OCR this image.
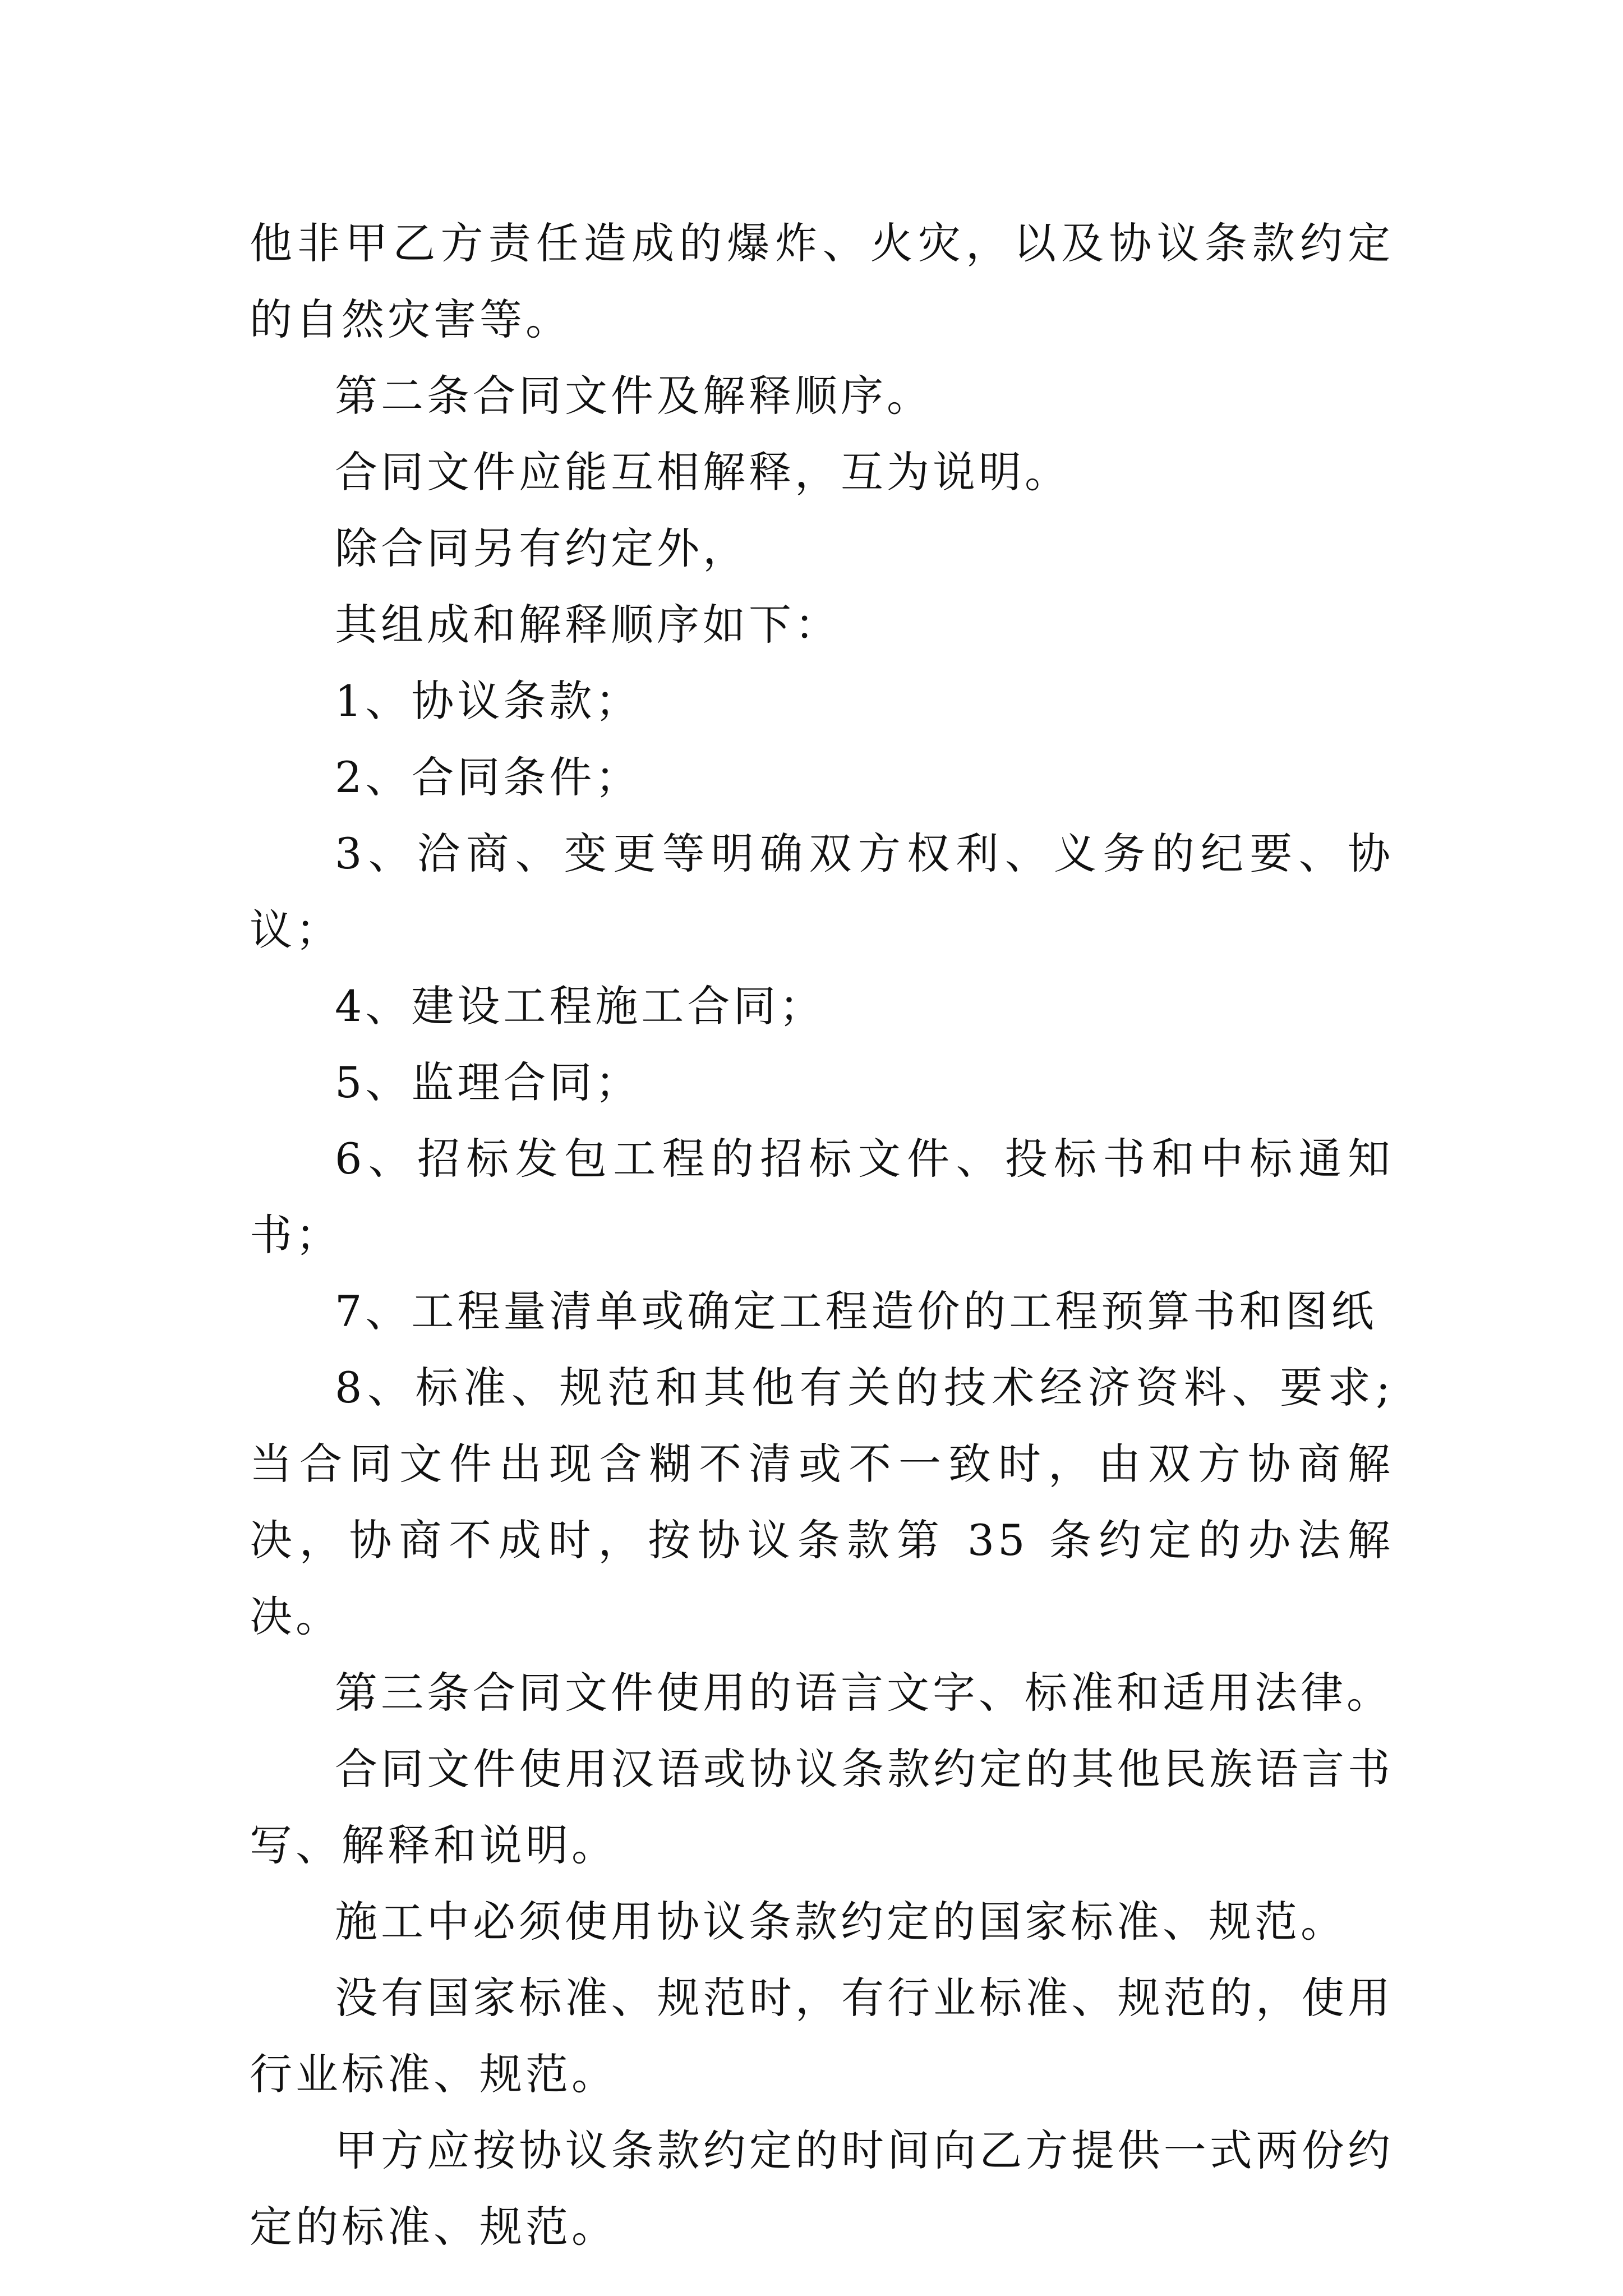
他非甲乙方责任造成的爆炸、火灾，以及协议条款约定的自然灾害等。

第二条合同文件及解释顺序。

合同文件应能互相解释，互为说明。

除合同另有约定外，

其组成和解释顺序如下：

1、协议条款；

2、合同条件；

3、洽商、变更等明确双方权利、义务的纪要、协议；

4、建设工程施工合同；

5、监理合同；

6、招标发包工程的招标文件、投标书和中标通知书；

7、工程量清单或确定工程造价的工程预算书和图纸

8、标准、规范和其他有关的技术经济资料、要求;当合同文件出现含糊不清或不一致时，由双方协商解决，协商不成时，按协议条款第 35 条约定的办法解决。

第三条合同文件使用的语言文字、标准和适用法律。

合同文件使用汉语或协议条款约定的其他民族语言书写、解释和说明。

施工中必须使用协议条款约定的国家标准、规范。

没有国家标准、规范时，有行业标准、规范的，使用行业标准、规范。

甲方应按协议条款约定的时间向乙方提供一式两份约定的标准、规范。
